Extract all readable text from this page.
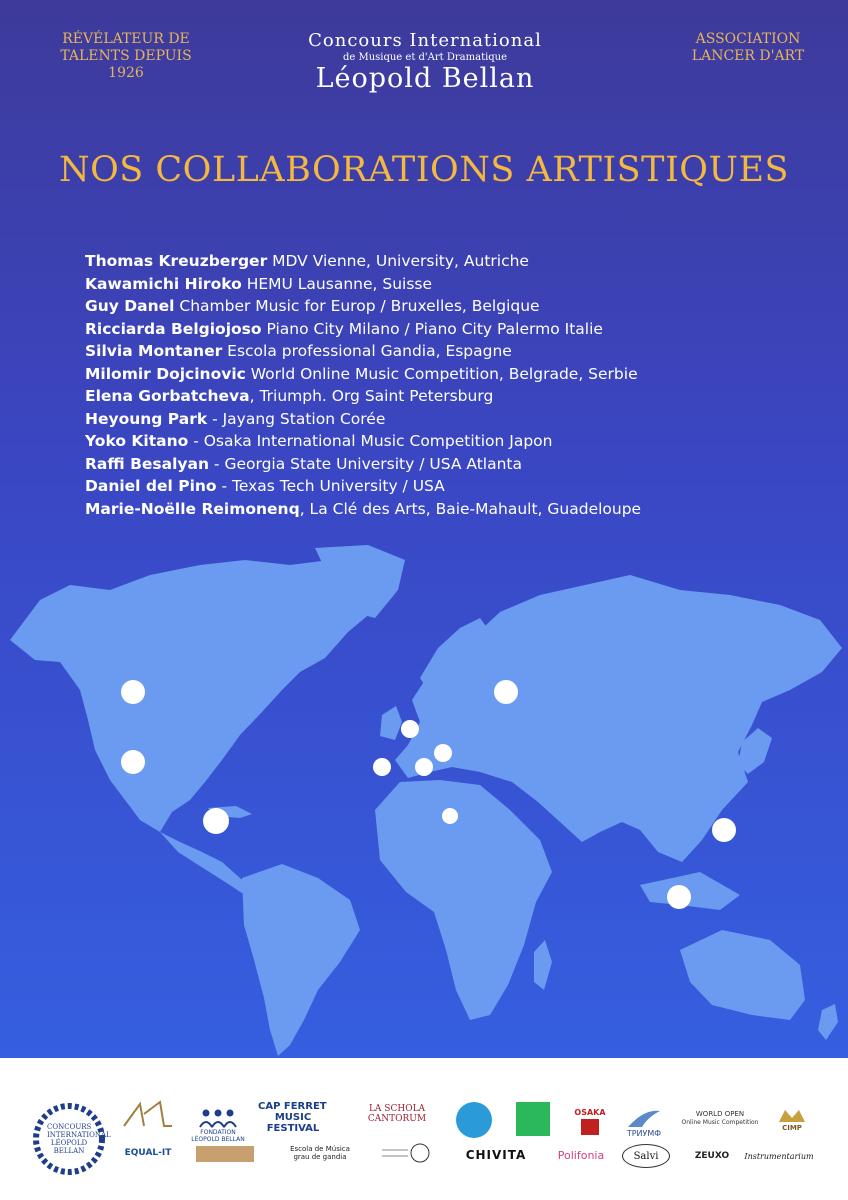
RÉVÉLATEUR DE
TALENTS DEPUIS 1926
Concours International
de Musique et d'Art Dramatique
Léopold Bellan
ASSOCIATION
LANCER D'ART
NOS COLLABORATIONS ARTISTIQUES
Thomas Kreuzberger MDV Vienne, University, Autriche
Kawamichi Hiroko HEMU Lausanne, Suisse
Guy Danel Chamber Music for Europ / Bruxelles, Belgique
Ricciarda Belgiojoso Piano City Milano / Piano City Palermo Italie
Silvia Montaner Escola professional Gandia, Espagne
Milomir Dojcinovic World Online Music Competition, Belgrade, Serbie
Elena Gorbatcheva, Triumph. Org Saint Petersburg
Heyoung Park - Jayang Station Corée
Yoko Kitano - Osaka International Music Competition Japon
Raffi Besalyan - Georgia State University / USA Atlanta
Daniel del Pino - Texas Tech University / USA
Marie-Noëlle Reimonenq, La Clé des Arts, Baie-Mahault, Guadeloupe
CONCOURS INTERNATIONAL LÉOPOLD BELLAN	EQUAL-IT
FONDATION LÉOPOLD BELLAN
CAP FERRET
MUSIC FESTIVAL
Escola de Música grau de gandia
LA SCHOLA CANTORUM
CHIVITA
OSAKA
Polifonia
ТРИУМФ
Salvi
WORLD OPEN
Online Music Competition
ZEUXO
CIMP
Instrumentarium
